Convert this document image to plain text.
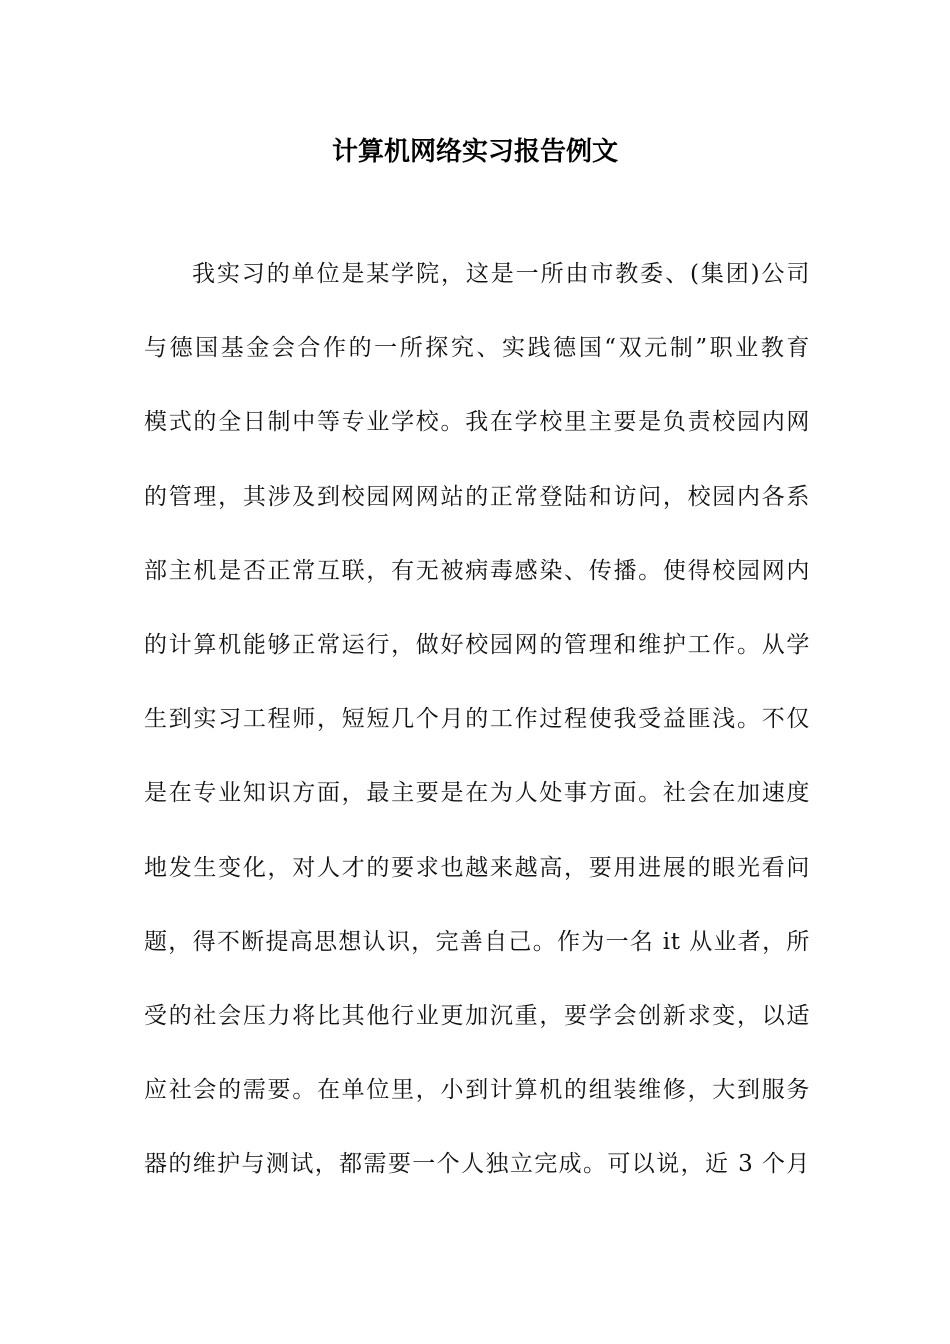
计算机网络实习报告例文
我实习的单位是某学院，这是一所由市教委、(集团)公司
与德国基金会合作的一所探究、实践德国“双元制”职业教育
模式的全日制中等专业学校。我在学校里主要是负责校园内网
的管理，其涉及到校园网网站的正常登陆和访问，校园内各系
部主机是否正常互联，有无被病毒感染、传播。使得校园网内
的计算机能够正常运行，做好校园网的管理和维护工作。从学
生到实习工程师，短短几个月的工作过程使我受益匪浅。不仅
是在专业知识方面，最主要是在为人处事方面。社会在加速度
地发生变化，对人才的要求也越来越高，要用进展的眼光看问
题，得不断提高思想认识，完善自己。作为一名 it 从业者，所
受的社会压力将比其他行业更加沉重，要学会创新求变，以适
应社会的需要。在单位里，小到计算机的组装维修，大到服务
器的维护与测试，都需要一个人独立完成。可以说，近 3 个月
